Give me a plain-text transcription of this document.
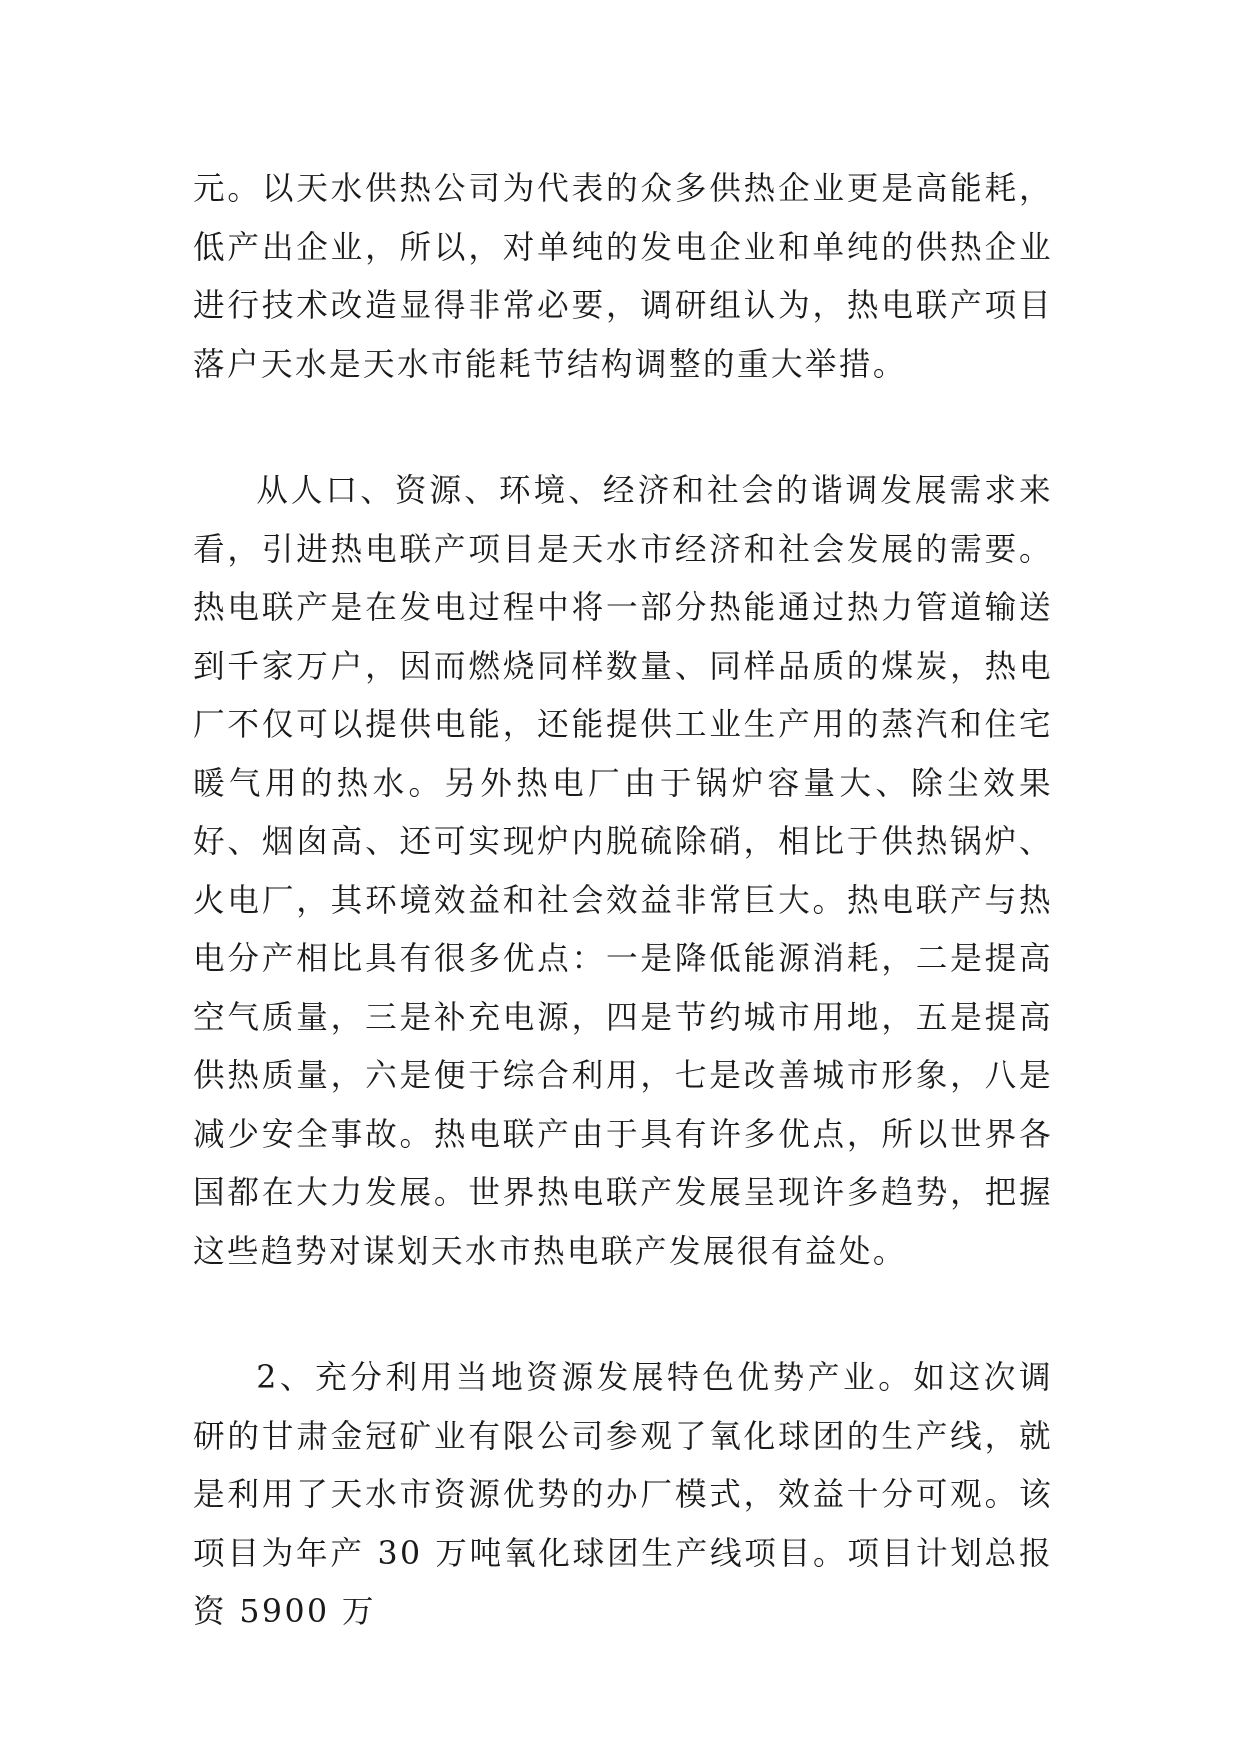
元。以天水供热公司为代表的众多供热企业更是高能耗，低产出企业，所以，对单纯的发电企业和单纯的供热企业进行技术改造显得非常必要，调研组认为，热电联产项目落户天水是天水市能耗节结构调整的重大举措。

从人口、资源、环境、经济和社会的谐调发展需求来看，引进热电联产项目是天水市经济和社会发展的需要。热电联产是在发电过程中将一部分热能通过热力管道输送到千家万户，因而燃烧同样数量、同样品质的煤炭，热电厂不仅可以提供电能，还能提供工业生产用的蒸汽和住宅暖气用的热水。另外热电厂由于锅炉容量大、除尘效果好、烟囱高、还可实现炉内脱硫除硝，相比于供热锅炉、火电厂，其环境效益和社会效益非常巨大。热电联产与热电分产相比具有很多优点：一是降低能源消耗，二是提高空气质量，三是补充电源，四是节约城市用地，五是提高供热质量，六是便于综合利用，七是改善城市形象，八是减少安全事故。热电联产由于具有许多优点，所以世界各国都在大力发展。世界热电联产发展呈现许多趋势，把握这些趋势对谋划天水市热电联产发展很有益处。

2、充分利用当地资源发展特色优势产业。如这次调研的甘肃金冠矿业有限公司参观了氧化球团的生产线，就是利用了天水市资源优势的办厂模式，效益十分可观。该项目为年产 30 万吨氧化球团生产线项目。项目计划总报资 5900 万
